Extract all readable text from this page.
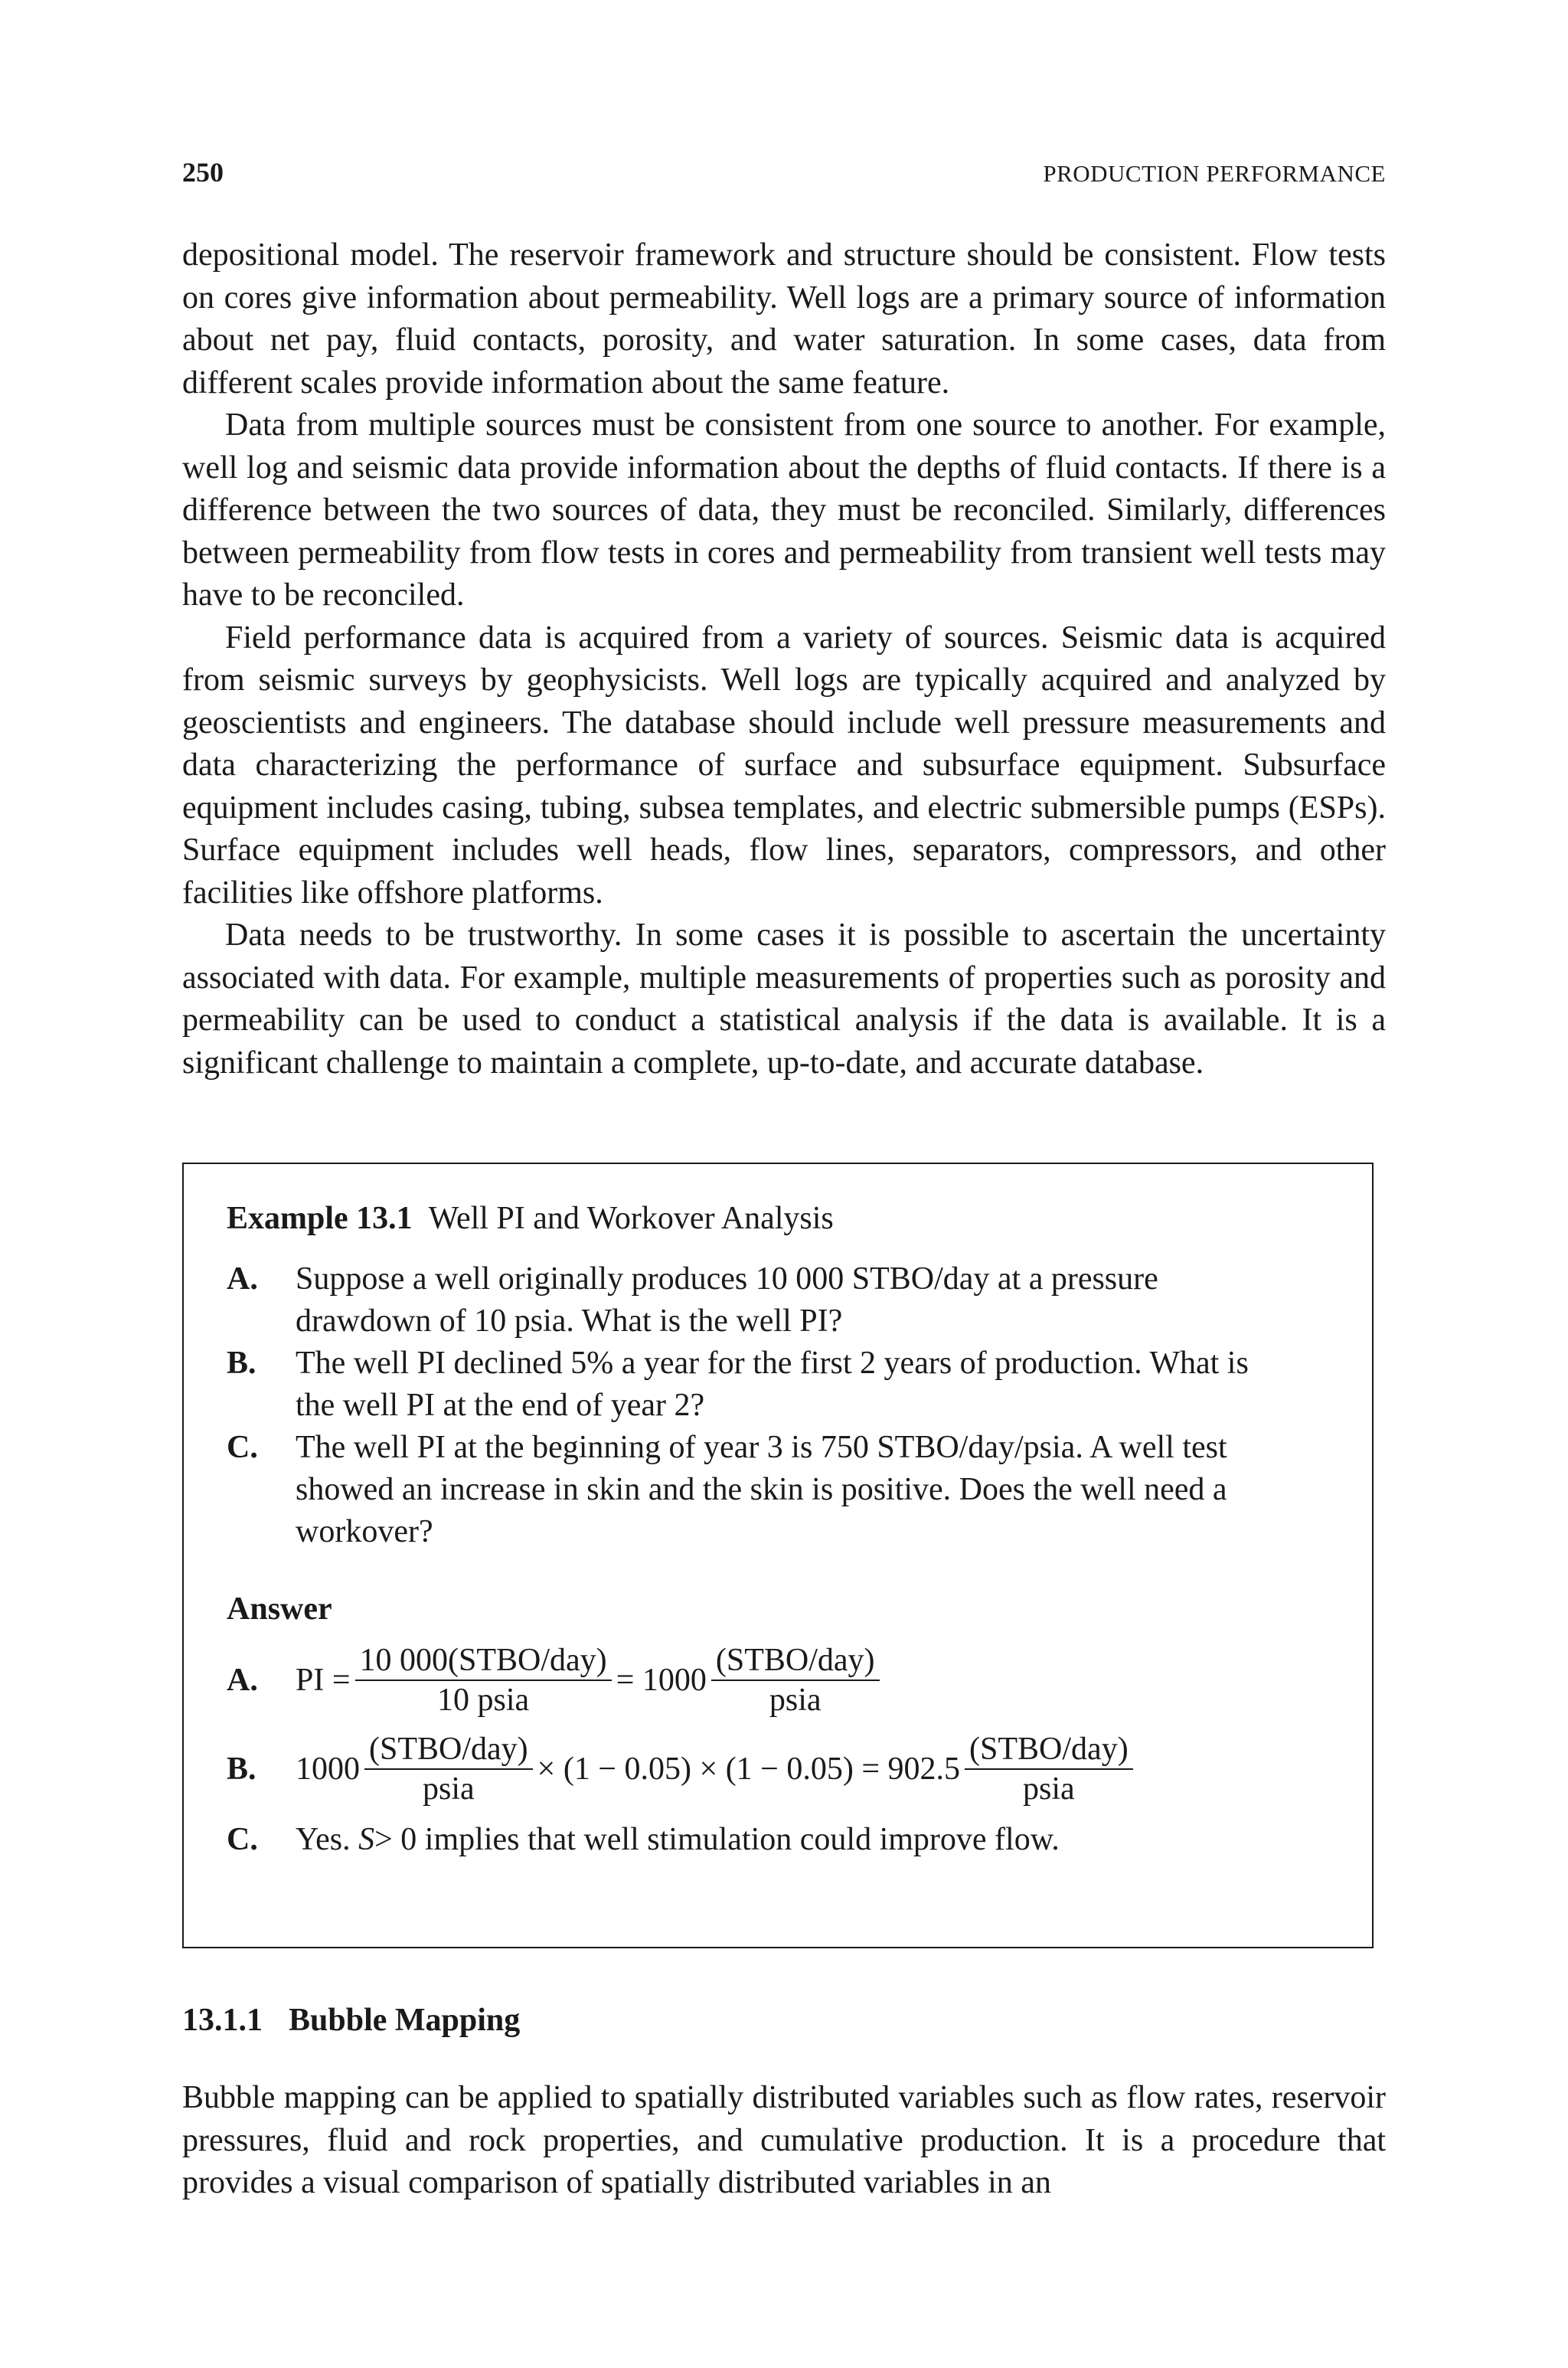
250	PRODUCTION PERFORMANCE

depositional model. The reservoir framework and structure should be consistent. Flow tests on cores give information about permeability. Well logs are a primary source of information about net pay, fluid contacts, porosity, and water saturation. In some cases, data from different scales provide information about the same feature.

Data from multiple sources must be consistent from one source to another. For example, well log and seismic data provide information about the depths of fluid contacts. If there is a difference between the two sources of data, they must be reconciled. Similarly, differences between permeability from flow tests in cores and permeability from transient well tests may have to be reconciled.

Field performance data is acquired from a variety of sources. Seismic data is acquired from seismic surveys by geophysicists. Well logs are typically acquired and analyzed by geoscientists and engineers. The database should include well pressure measurements and data characterizing the performance of surface and subsurface equipment. Subsurface equipment includes casing, tubing, subsea templates, and electric submersible pumps (ESPs). Surface equipment includes well heads, flow lines, separators, compressors, and other facilities like offshore platforms.

Data needs to be trustworthy. In some cases it is possible to ascertain the uncertainty associated with data. For example, multiple measurements of properties such as porosity and permeability can be used to conduct a statistical analysis if the data is available. It is a significant challenge to maintain a complete, up-to-date, and accurate database.

Example 13.1 Well PI and Workover Analysis

A.	Suppose a well originally produces 10 000 STBO/day at a pressure drawdown of 10 psia. What is the well PI?
B.	The well PI declined 5% a year for the first 2 years of production. What is the well PI at the end of year 2?
C.	The well PI at the beginning of year 3 is 750 STBO/day/psia. A well test showed an increase in skin and the skin is positive. Does the well need a workover?

Answer

A.	PI = $\frac{\text{10 000(STBO/day)}}{\text{10 psia}} = 1000 \frac{\text{(STBO/day)}}{\text{psia}}$
B.	$1000 \frac{\text{(STBO/day)}}{\text{psia}} \times (1 - 0.05) \times (1 - 0.05) = 902.5 \frac{\text{(STBO/day)}}{\text{psia}}$
C.	Yes. S> 0 implies that well stimulation could improve flow.
13.1.1 Bubble Mapping

Bubble mapping can be applied to spatially distributed variables such as flow rates, reservoir pressures, fluid and rock properties, and cumulative production. It is a procedure that provides a visual comparison of spatially distributed variables in an
